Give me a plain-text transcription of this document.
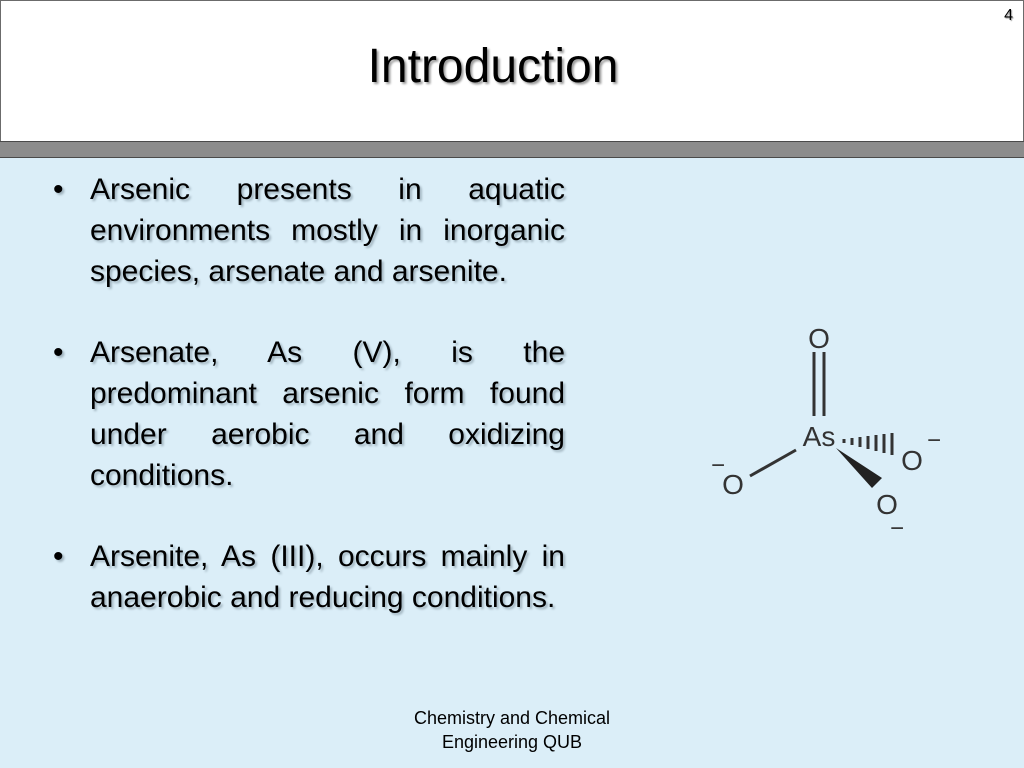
4
Introduction
• Arsenic presents in aquatic environments mostly in inorganic species, arsenate and arsenite.
• Arsenate, As (V), is the predominant arsenic form found under aerobic and oxidizing conditions.
• Arsenite, As (III), occurs mainly in anaerobic and reducing conditions.
O
As
O
−
O
−
O
−
Chemistry and Chemical
Engineering QUB
